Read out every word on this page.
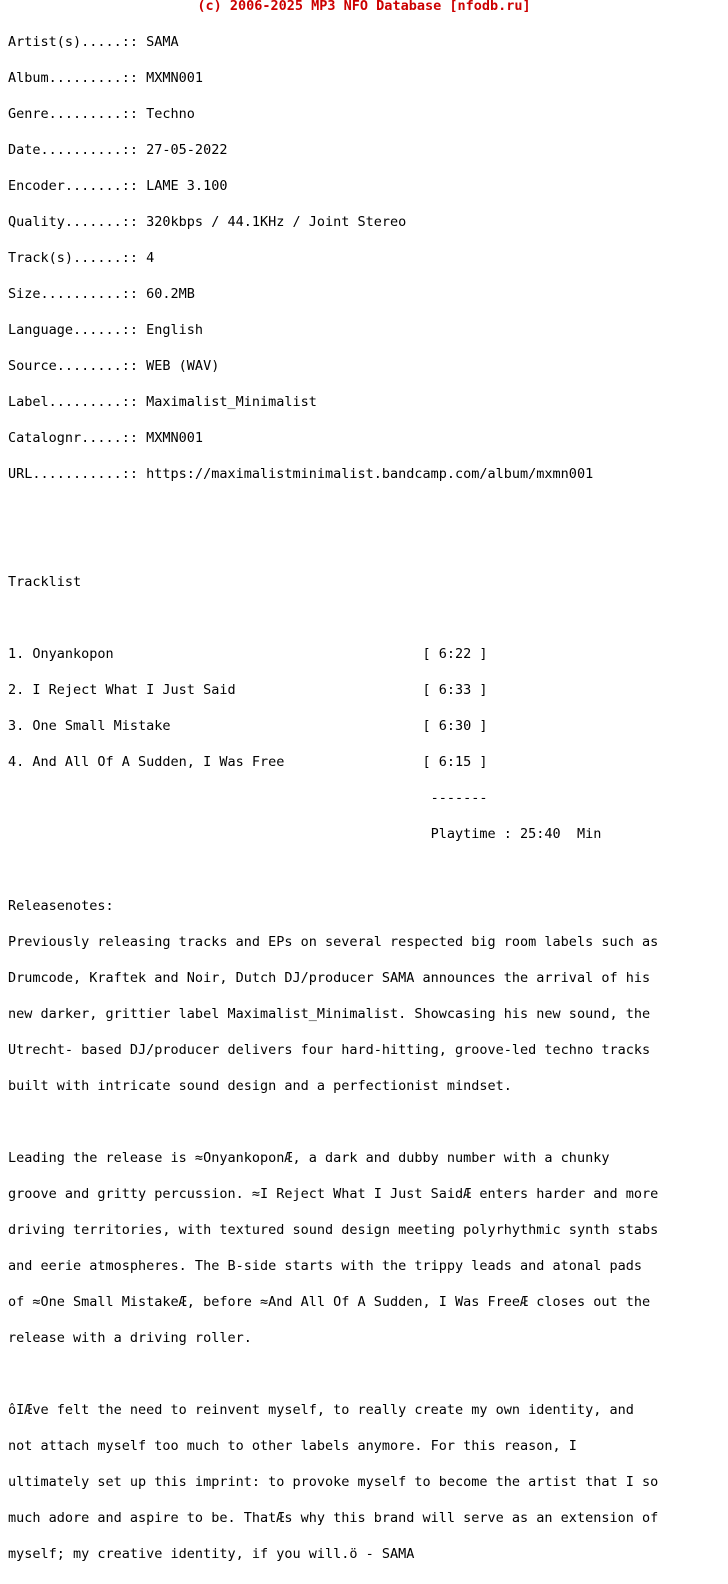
(c) 2006-2025 MP3 NFO Database [nfodb.ru]

Artist(s).....:: SAMA

Album.........:: MXMN001

Genre.........:: Techno

Date..........:: 27-05-2022

Encoder.......:: LAME 3.100

Quality.......:: 320kbps / 44.1KHz / Joint Stereo

Track(s)......:: 4

Size..........:: 60.2MB

Language......:: English

Source........:: WEB (WAV)

Label.........:: Maximalist_Minimalist

Catalognr.....:: MXMN001

URL...........:: https://maximalistminimalist.bandcamp.com/album/mxmn001

Tracklist

1. Onyankopon                                      [ 6:22 ]

2. I Reject What I Just Said                       [ 6:33 ]

3. One Small Mistake                               [ 6:30 ]

4. And All Of A Sudden, I Was Free                 [ 6:15 ]

-------

Playtime : 25:40  Min

Releasenotes:

Previously releasing tracks and EPs on several respected big room labels such as

Drumcode, Kraftek and Noir, Dutch DJ/producer SAMA announces the arrival of his

new darker, grittier label Maximalist_Minimalist. Showcasing his new sound, the

Utrecht- based DJ/producer delivers four hard-hitting, groove-led techno tracks

built with intricate sound design and a perfectionist mindset.

Leading the release is ≈OnyankoponÆ, a dark and dubby number with a chunky

groove and gritty percussion. ≈I Reject What I Just SaidÆ enters harder and more

driving territories, with textured sound design meeting polyrhythmic synth stabs

and eerie atmospheres. The B-side starts with the trippy leads and atonal pads

of ≈One Small MistakeÆ, before ≈And All Of A Sudden, I Was FreeÆ closes out the

release with a driving roller.

ôIÆve felt the need to reinvent myself, to really create my own identity, and

not attach myself too much to other labels anymore. For this reason, I

ultimately set up this imprint: to provoke myself to become the artist that I so

much adore and aspire to be. ThatÆs why this brand will serve as an extension of

myself; my creative identity, if you will.ö - SAMA
